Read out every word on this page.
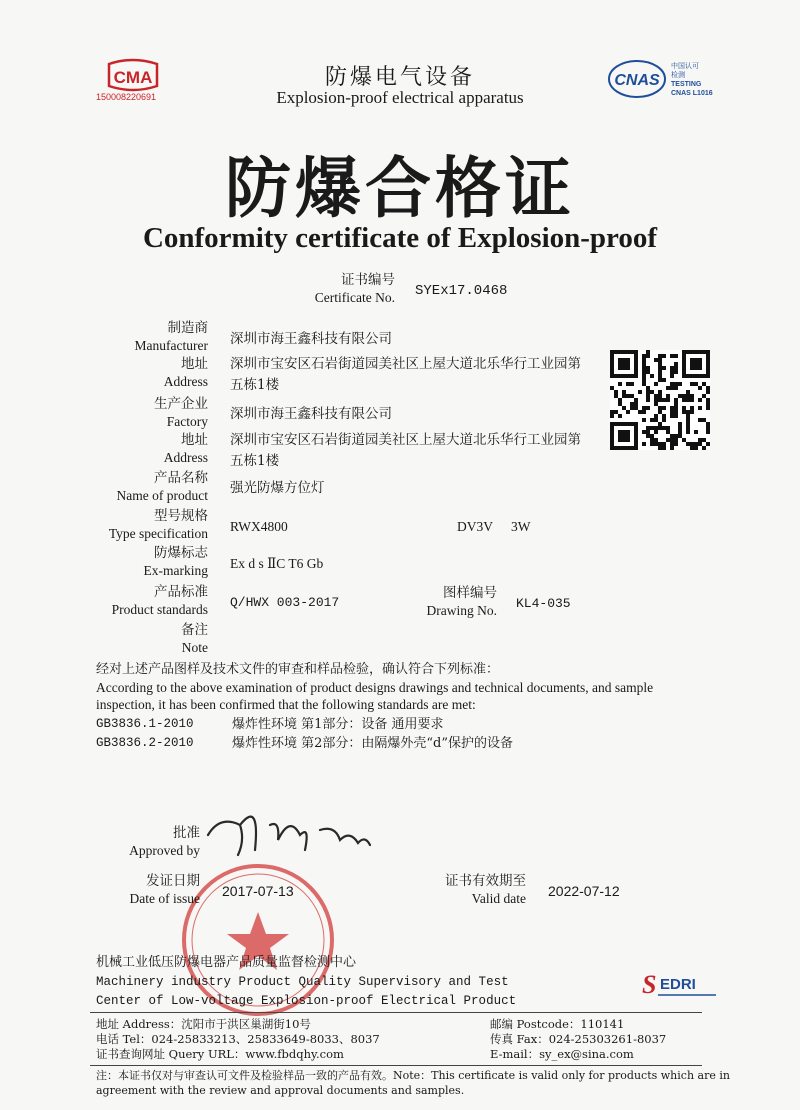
CMA
150008220691
CNAS
中国认可
检测
TESTING
CNAS L1016
防爆电气设备
Explosion-proof electrical apparatus
防爆合格证
Conformity certificate of Explosion-proof
证书编号
Certificate No. SYEx17.0468
制造商
Manufacturer 深圳市海王鑫科技有限公司
地址
Address
深圳市宝安区石岩街道园美社区上屋大道北乐华行工业园第
五栋1楼
生产企业
Factory 深圳市海王鑫科技有限公司
地址
Address
深圳市宝安区石岩街道园美社区上屋大道北乐华行工业园第
五栋1楼
产品名称
Name of product 强光防爆方位灯
型号规格
Type specification RWX4800	DV3V 3W
防爆标志
Ex-marking Ex d s ⅡC T6 Gb
产品标准
Product standards Q/HWX 003-2017
图样编号
Drawing No. KL4-035
备注
Note
经对上述产品图样及技术文件的审查和样品检验，确认符合下列标准：
According to the above examination of product designs drawings and technical documents, and sample
inspection, it has been confirmed that the following standards are met:
GB3836.1-2010	爆炸性环境 第1部分：设备 通用要求
GB3836.2-2010	爆炸性环境 第2部分：由隔爆外壳“d”保护的设备
批准
Approved by
发证日期
Date of issue 2017-07-13
证书有效期至
Valid date 2022-07-12
机械工业低压防爆电器产品质量监督检测中心
Machinery industry Product Quality Supervisory and Test
Center of Low-voltage Explosion-proof Electrical Product
S EDRI
地址 Address：沈阳市于洪区巢湖街10号	邮编 Postcode：110141
电话 Tel：024-25833213、25833649-8033、8037	传真 Fax：024-25303261-8037
证书查询网址 Query URL：www.fbdqhy.com	E-mail：sy_ex@sina.com
注：本证书仅对与审查认可文件及检验样品一致的产品有效。Note：This certificate is valid only for products which are in
agreement with the review and approval documents and samples.
